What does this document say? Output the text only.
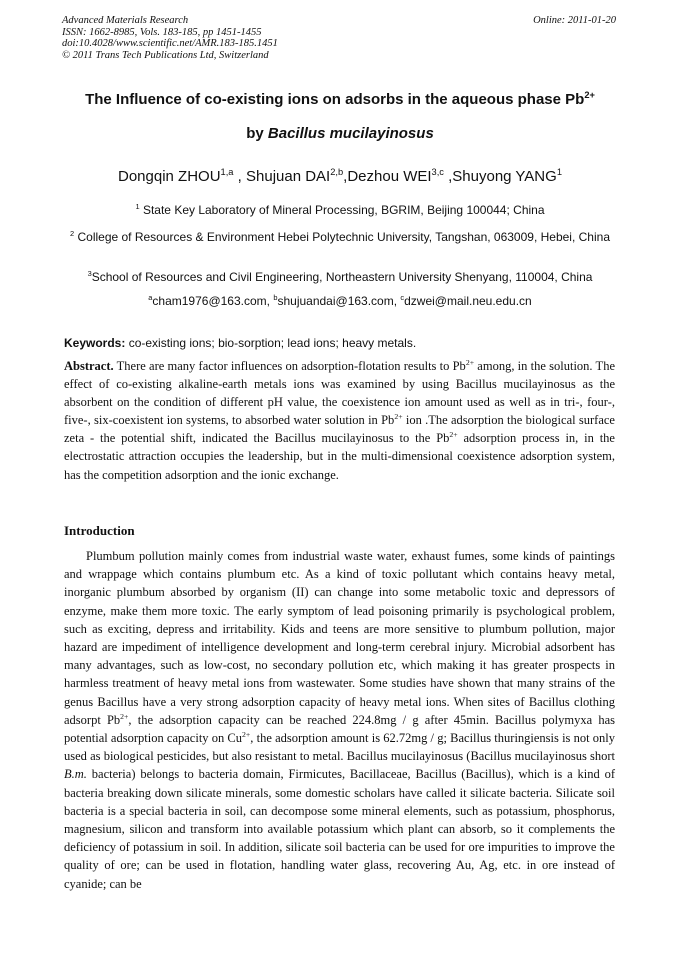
Advanced Materials Research
ISSN: 1662-8985, Vols. 183-185, pp 1451-1455
doi:10.4028/www.scientific.net/AMR.183-185.1451
© 2011 Trans Tech Publications Ltd, Switzerland
Online: 2011-01-20
The Influence of co-existing ions on adsorbs in the aqueous phase $Pb^{2+}$
by Bacillus mucilayinosus
Dongqin ZHOU$^{1,a}$ , Shujuan DAI$^{2,b}$,Dezhou WEI$^{3,c}$ ,Shuyong YANG$^1$
$^1$ State Key Laboratory of Mineral Processing, BGRIM, Beijing 100044; China
$^2$ College of Resources & Environment Hebei Polytechnic University, Tangshan, 063009, Hebei, China
$^3$School of Resources and Civil Engineering, Northeastern University Shenyang, 110004, China
$^a$cham1976@163.com, $^b$shujuandai@163.com, $^c$dzwei@mail.neu.edu.cn
Keywords: co-existing ions; bio-sorption; lead ions; heavy metals.
Abstract. There are many factor influences on adsorption-flotation results to $Pb^{2+}$ among, in the solution. The effect of co-existing alkaline-earth metals ions was examined by using Bacillus mucilayinosus as the absorbent on the condition of different pH value, the coexistence ion amount used as well as in tri-, four-, five-, six-coexistent ion systems, to absorbed water solution in $Pb^{2+}$ ion .The adsorption the biological surface zeta - the potential shift, indicated the Bacillus mucilayinosus to the $Pb^{2+}$ adsorption process in, in the electrostatic attraction occupies the leadership, but in the multi-dimensional coexistence adsorption system, has the competition adsorption and the ionic exchange.
Introduction
Plumbum pollution mainly comes from industrial waste water, exhaust fumes, some kinds of paintings and wrappage which contains plumbum etc. As a kind of toxic pollutant which contains heavy metal, inorganic plumbum absorbed by organism (II) can change into some metabolic toxic and depressors of enzyme, make them more toxic. The early symptom of lead poisoning primarily is psychological problem, such as exciting, depress and irritability. Kids and teens are more sensitive to plumbum pollution, major hazard are impediment of intelligence development and long-term cerebral injury. Microbial adsorbent has many advantages, such as low-cost, no secondary pollution etc, which making it has greater prospects in harmless treatment of heavy metal ions from wastewater. Some studies have shown that many strains of the genus Bacillus have a very strong adsorption capacity of heavy metal ions. When sites of Bacillus clothing adsorpt $Pb^{2+}$, the adsorption capacity can be reached 224.8mg / g after 45min. Bacillus polymyxa has potential adsorption capacity on $Cu^{2+}$, the adsorption amount is 62.72mg / g; Bacillus thuringiensis is not only used as biological pesticides, but also resistant to metal. Bacillus mucilayinosus (Bacillus mucilayinosus short B.m. bacteria) belongs to bacteria domain, Firmicutes, Bacillaceae, Bacillus (Bacillus), which is a kind of bacteria breaking down silicate minerals, some domestic scholars have called it silicate bacteria. Silicate soil bacteria is a special bacteria in soil, can decompose some mineral elements, such as potassium, phosphorus, magnesium, silicon and transform into available potassium which plant can absorb, so it complements the deficiency of potassium in soil. In addition, silicate soil bacteria can be used for ore impurities to improve the quality of ore; can be used in flotation, handling water glass, recovering Au, Ag, etc. in ore instead of cyanide; can be
